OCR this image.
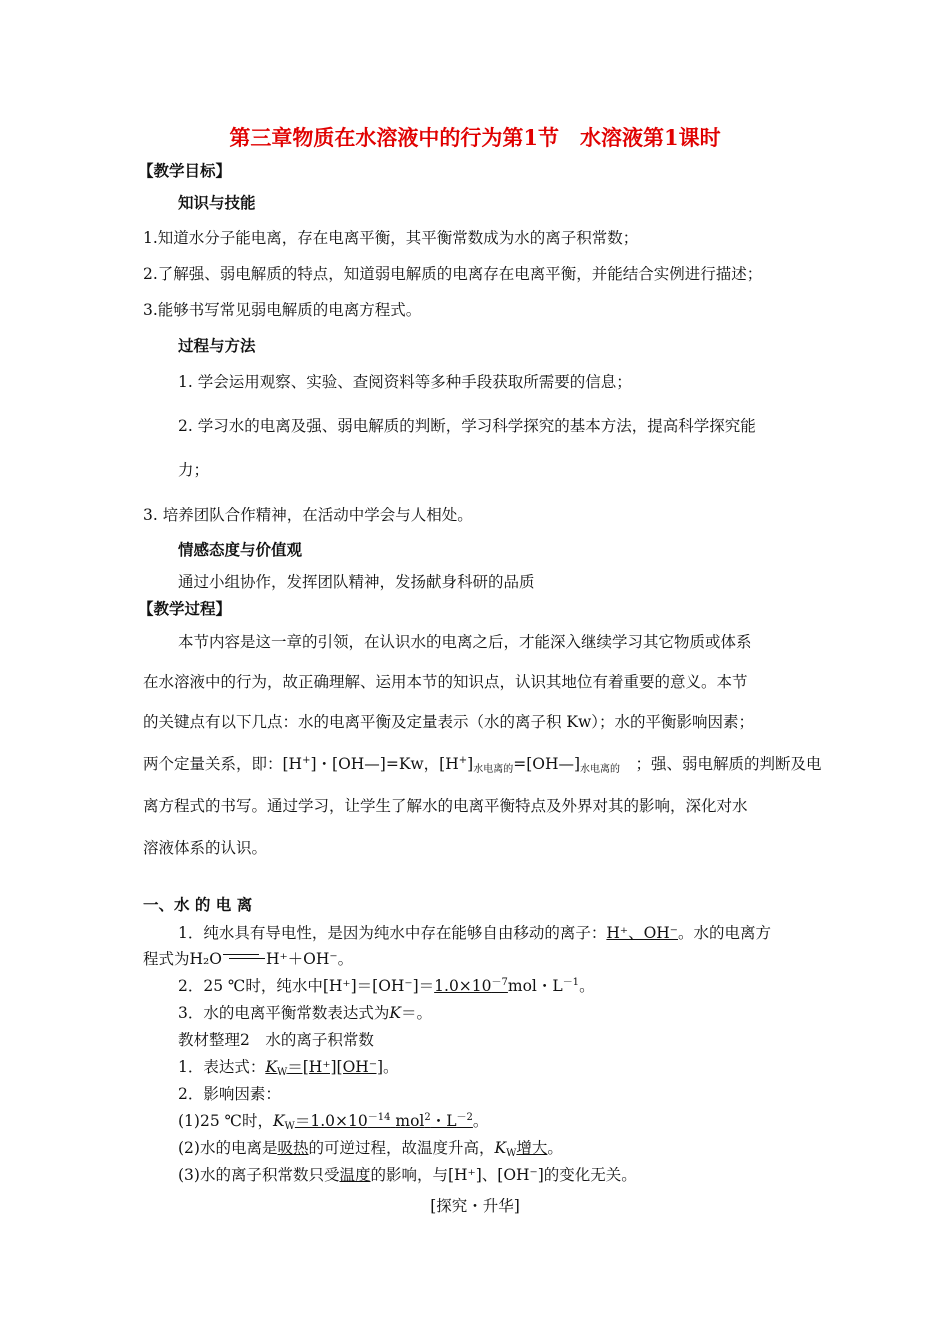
第三章物质在水溶液中的行为第1节　水溶液第1课时
【教学目标】
知识与技能
1.知道水分子能电离，存在电离平衡，其平衡常数成为水的离子积常数；
2.了解强、弱电解质的特点，知道弱电解质的电离存在电离平衡，并能结合实例进行描述；
3.能够书写常见弱电解质的电离方程式。
过程与方法
1. 学会运用观察、实验、查阅资料等多种手段获取所需要的信息；
2. 学习水的电离及强、弱电解质的判断，学习科学探究的基本方法，提高科学探究能
力；
3. 培养团队合作精神，在活动中学会与人相处。
情感态度与价值观
通过小组协作，发挥团队精神，发扬献身科研的品质
【教学过程】
本节内容是这一章的引领，在认识水的电离之后，才能深入继续学习其它物质或体系
在水溶液中的行为，故正确理解、运用本节的知识点，认识其地位有着重要的意义。本节
的关键点有以下几点：水的电离平衡及定量表示（水的离子积 Kw）；水的平衡影响因素；
两个定量关系，即：[H+]・[OH—]=Kw，[H+]水电离的=[OH—]水电离的　；强、弱电解质的判断及电
离方程式的书写。通过学习，让学生了解水的电离平衡特点及外界对其的影响，深化对水
溶液体系的认识。
一、水 的 电 离
1．纯水具有导电性，是因为纯水中存在能够自由移动的离子：H⁺、OH⁻。水的电离方
程式为H₂O	H⁺＋OH⁻。
2．25 ℃时，纯水中$[H^+]=[OH^-]=1.0\times 10^{-7}mol$・$L^{-1}$。
3．水的电离平衡常数表达式为K＝。
教材整理2　水的离子积常数
1．表达式：$K_W=[H^+][OH^-]$。
2．影响因素：
(1)25 ℃时，$K_W=1.0\times 10^{-14}$ mol$^2$・$L^{-2}$。
(2)水的电离是吸热的可逆过程，故温度升高，$K_W$增大。
(3)水的离子积常数只受温度的影响，与[H⁺]、[OH⁻]的变化无关。
[探究・升华]
